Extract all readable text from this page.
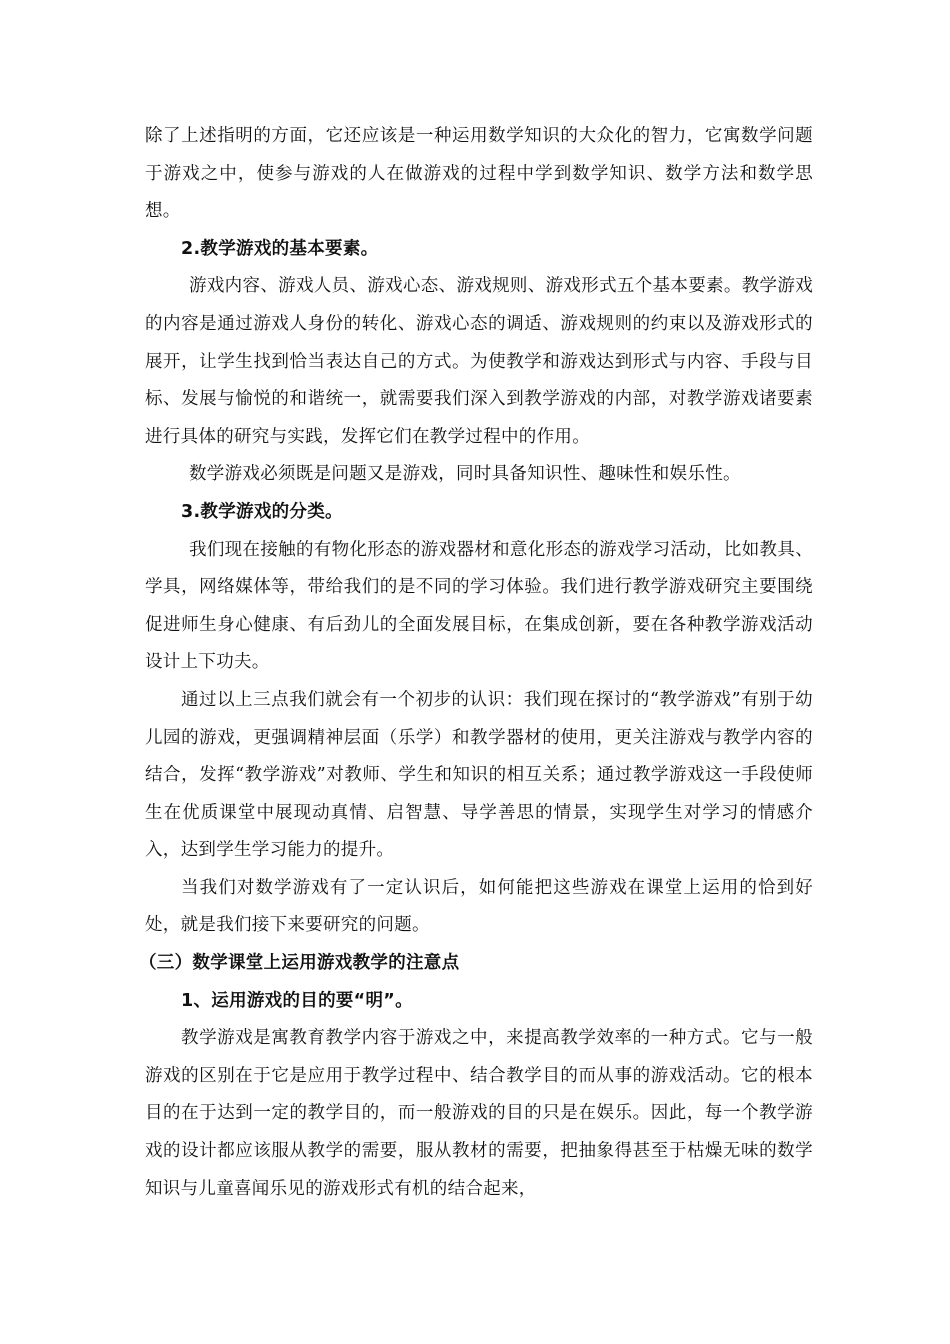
除了上述指明的方面，它还应该是一种运用数学知识的大众化的智力，它寓数学问题于游戏之中，使参与游戏的人在做游戏的过程中学到数学知识、数学方法和数学思想。

2.教学游戏的基本要素。

游戏内容、游戏人员、游戏心态、游戏规则、游戏形式五个基本要素。教学游戏的内容是通过游戏人身份的转化、游戏心态的调适、游戏规则的约束以及游戏形式的展开，让学生找到恰当表达自己的方式。为使教学和游戏达到形式与内容、手段与目标、发展与愉悦的和谐统一，就需要我们深入到教学游戏的内部，对教学游戏诸要素进行具体的研究与实践，发挥它们在教学过程中的作用。

数学游戏必须既是问题又是游戏，同时具备知识性、趣味性和娱乐性。

3.教学游戏的分类。

我们现在接触的有物化形态的游戏器材和意化形态的游戏学习活动，比如教具、学具，网络媒体等，带给我们的是不同的学习体验。我们进行教学游戏研究主要围绕促进师生身心健康、有后劲儿的全面发展目标，在集成创新，要在各种教学游戏活动设计上下功夫。

通过以上三点我们就会有一个初步的认识：我们现在探讨的“教学游戏”有别于幼儿园的游戏，更强调精神层面（乐学）和教学器材的使用，更关注游戏与教学内容的结合，发挥“教学游戏”对教师、学生和知识的相互关系；通过教学游戏这一手段使师生在优质课堂中展现动真情、启智慧、导学善思的情景，实现学生对学习的情感介入，达到学生学习能力的提升。

当我们对数学游戏有了一定认识后，如何能把这些游戏在课堂上运用的恰到好处，就是我们接下来要研究的问题。

（三）数学课堂上运用游戏教学的注意点

1、运用游戏的目的要“明”。

教学游戏是寓教育教学内容于游戏之中，来提高教学效率的一种方式。它与一般游戏的区别在于它是应用于教学过程中、结合教学目的而从事的游戏活动。它的根本目的在于达到一定的教学目的，而一般游戏的目的只是在娱乐。因此，每一个教学游戏的设计都应该服从教学的需要，服从教材的需要，把抽象得甚至于枯燥无味的数学知识与儿童喜闻乐见的游戏形式有机的结合起来，
